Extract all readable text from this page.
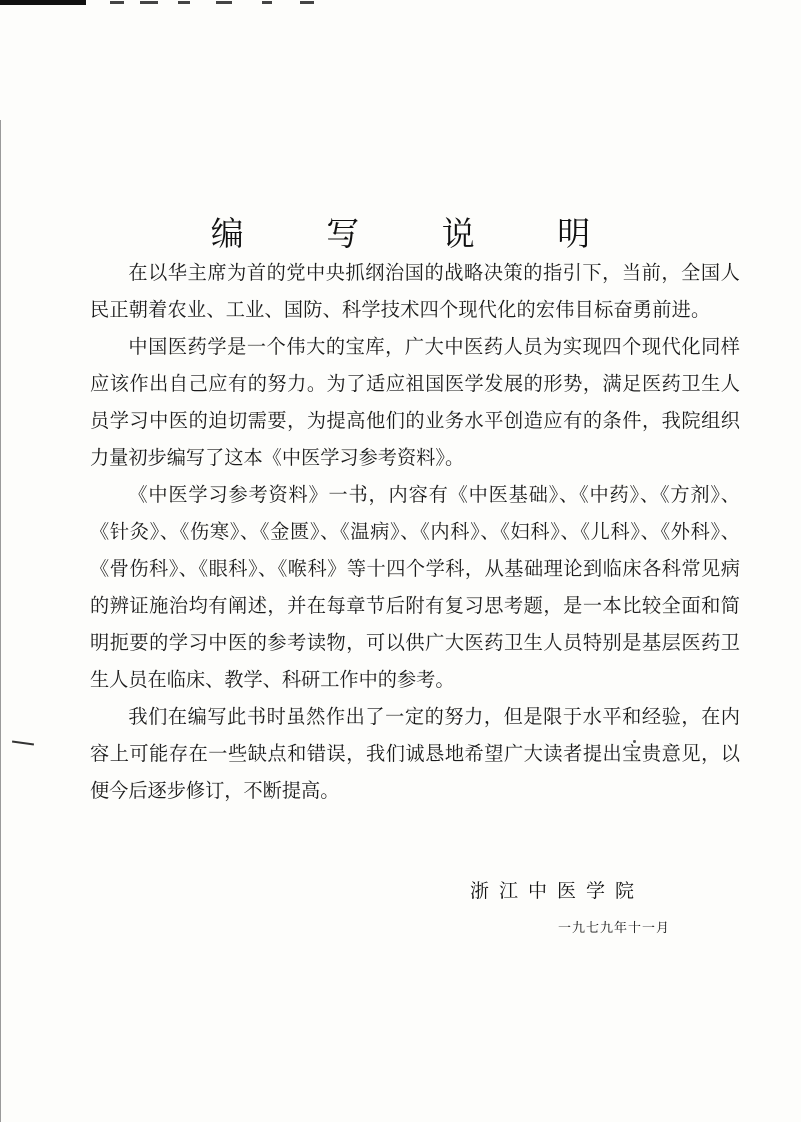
编 写 说 明

在以华主席为首的党中央抓纲治国的战略决策的指引下，当前，全国人民正朝着农业、工业、国防、科学技术四个现代化的宏伟目标奋勇前进。

中国医药学是一个伟大的宝库，广大中医药人员为实现四个现代化同样应该作出自己应有的努力。为了适应祖国医学发展的形势，满足医药卫生人员学习中医的迫切需要，为提高他们的业务水平创造应有的条件，我院组织力量初步编写了这本《中医学习参考资料》。

《中医学习参考资料》一书，内容有《中医基础》、《中药》、《方剂》、《针灸》、《伤寒》、《金匮》、《温病》、《内科》、《妇科》、《儿科》、《外科》、《骨伤科》、《眼科》、《喉科》等十四个学科，从基础理论到临床各科常见病的辨证施治均有阐述，并在每章节后附有复习思考题，是一本比较全面和简明扼要的学习中医的参考读物，可以供广大医药卫生人员特别是基层医药卫生人员在临床、教学、科研工作中的参考。

我们在编写此书时虽然作出了一定的努力，但是限于水平和经验，在内容上可能存在一些缺点和错误，我们诚恳地希望广大读者提出宝贵意见，以便今后逐步修订，不断提高。

浙江中医学院
一九七九年十一月
